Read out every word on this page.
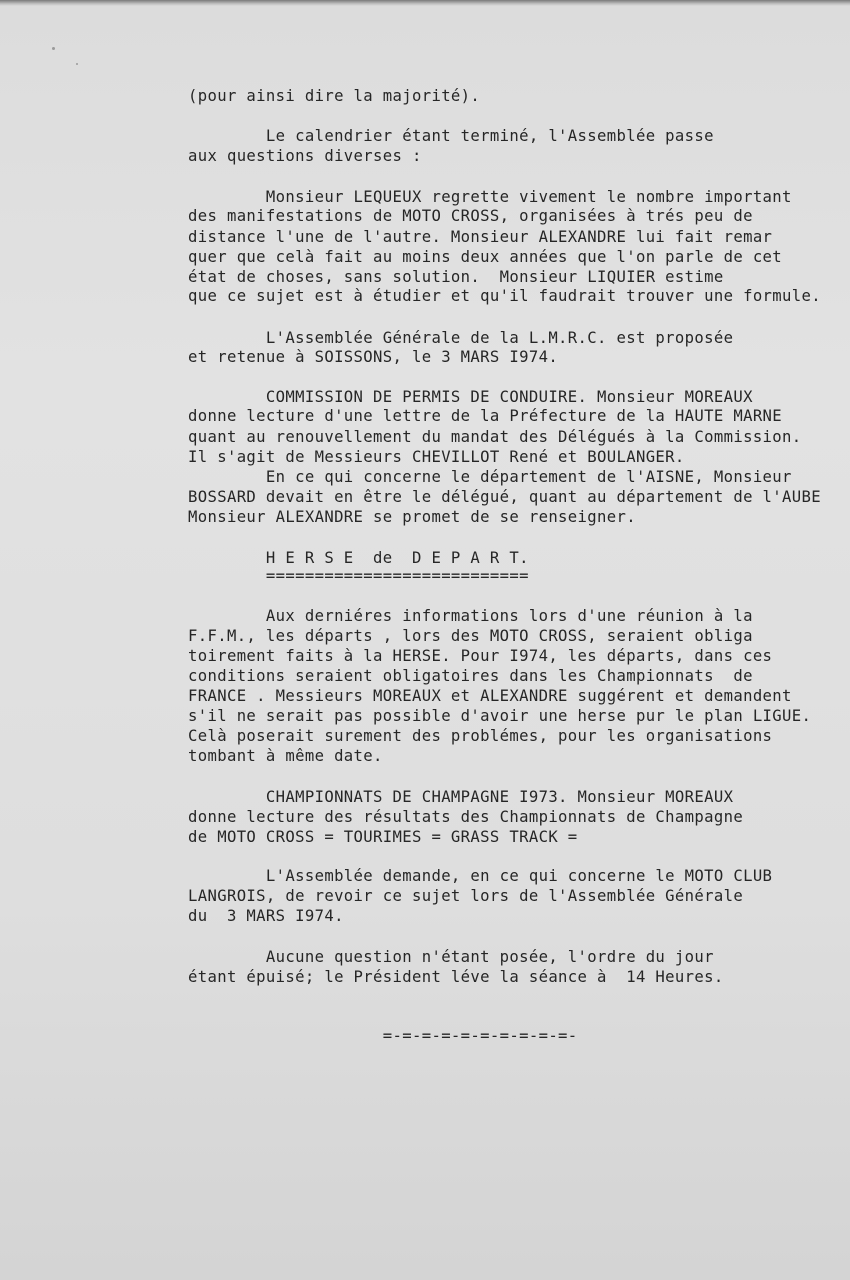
(pour ainsi dire la majorité).
Le calendrier étant terminé, l'Assemblée passe
aux questions diverses :
Monsieur LEQUEUX regrette vivement le nombre important
des manifestations de MOTO CROSS, organisées à trés peu de
distance l'une de l'autre. Monsieur ALEXANDRE lui fait remar
quer que celà fait au moins deux années que l'on parle de cet
état de choses, sans solution.  Monsieur LIQUIER estime
que ce sujet est à étudier et qu'il faudrait trouver une formule.
L'Assemblée Générale de la L.M.R.C. est proposée
et retenue à SOISSONS, le 3 MARS I974.
COMMISSION DE PERMIS DE CONDUIRE. Monsieur MOREAUX
donne lecture d'une lettre de la Préfecture de la HAUTE MARNE
quant au renouvellement du mandat des Délégués à la Commission.
Il s'agit de Messieurs CHEVILLOT René et BOULANGER.
En ce qui concerne le département de l'AISNE, Monsieur
BOSSARD devait en être le délégué, quant au département de l'AUBE
Monsieur ALEXANDRE se promet de se renseigner.
H E R S E  de  D E P A R T.
===========================
Aux derniéres informations lors d'une réunion à la
F.F.M., les départs , lors des MOTO CROSS, seraient obliga
toirement faits à la HERSE. Pour I974, les départs, dans ces
conditions seraient obligatoires dans les Championnats  de
FRANCE . Messieurs MOREAUX et ALEXANDRE suggérent et demandent
s'il ne serait pas possible d'avoir une herse pur le plan LIGUE.
Celà poserait surement des problémes, pour les organisations
tombant à même date.
CHAMPIONNATS DE CHAMPAGNE I973. Monsieur MOREAUX
donne lecture des résultats des Championnats de Champagne
de MOTO CROSS = TOURIMES = GRASS TRACK =
L'Assemblée demande, en ce qui concerne le MOTO CLUB
LANGROIS, de revoir ce sujet lors de l'Assemblée Générale
du  3 MARS I974.
Aucune question n'étant posée, l'ordre du jour
étant épuisé; le Président léve la séance à  14 Heures.
=-=-=-=-=-=-=-=-=-=-
